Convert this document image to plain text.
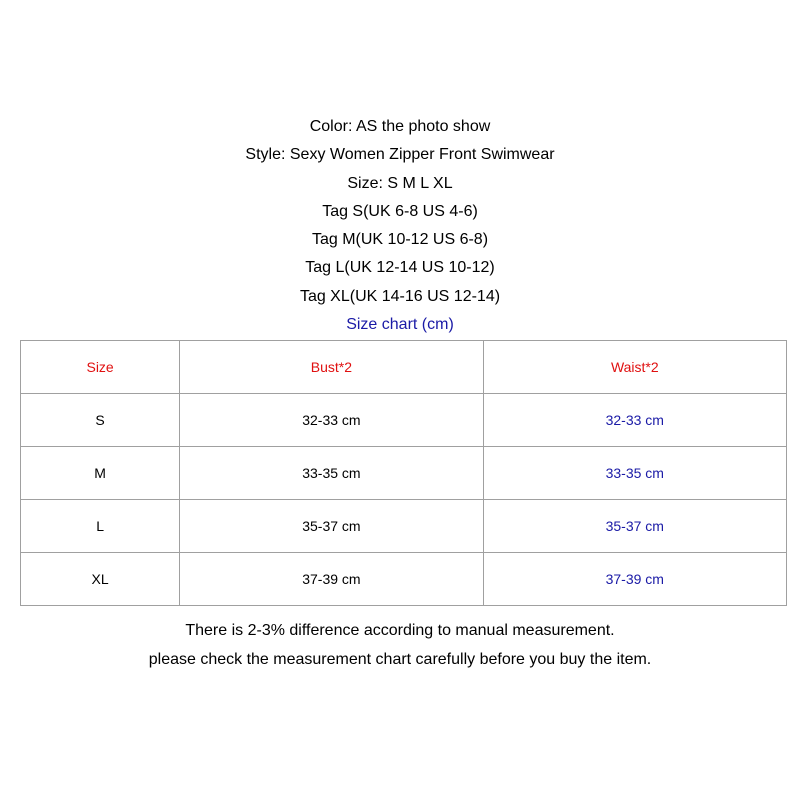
Color: AS the photo show
Style: Sexy Women Zipper Front Swimwear
Size: S M L XL
Tag S(UK 6-8 US 4-6)
Tag M(UK 10-12 US 6-8)
Tag L(UK 12-14 US 10-12)
Tag XL(UK 14-16 US 12-14)
Size chart (cm)
Size	Bust*2	Waist*2
S	32-33 cm	32-33 cm
M	33-35 cm	33-35 cm
L	35-37 cm	35-37 cm
XL	37-39 cm	37-39 cm
There is 2-3% difference according to manual measurement.
please check the measurement chart carefully before you buy the item.
